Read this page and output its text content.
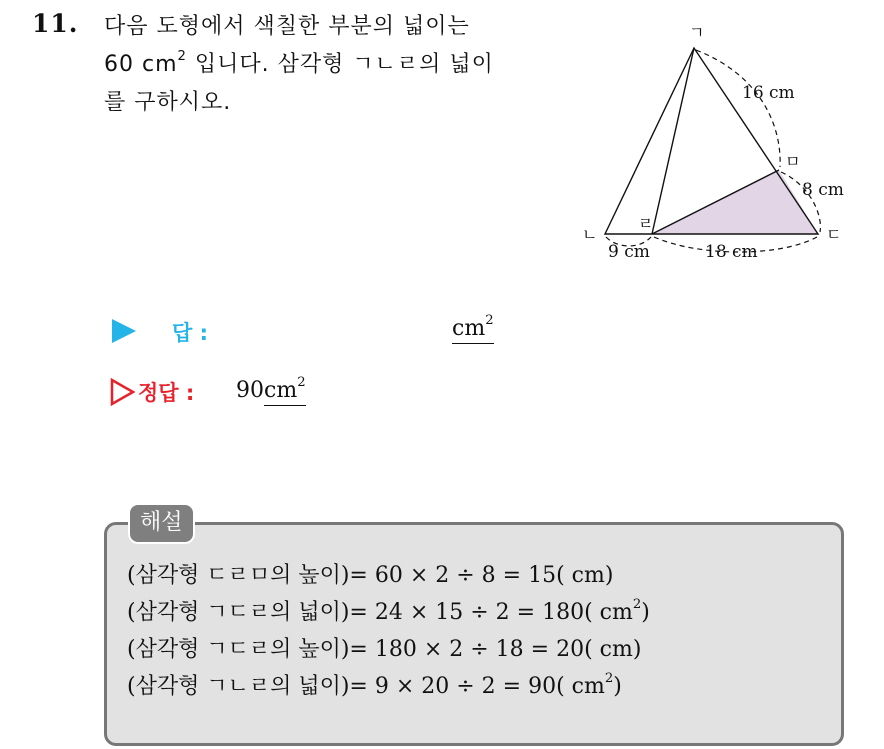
11. 다음 도형에서 색칠한 부분의 넓이는
60 $cm^2$ 입니다. 삼각형 ㄱㄴㄹ의 넓이
를 구하시오.
ㄱ
ㄴ	ㄷ
ㄹ
ㅁ
16 cm
8 cm
9 cm	18 cm
답 :	$cm^2$
정답 : 90 $cm^2$
해설
(삼각형 ㄷㄹㅁ의 높이)= 60 × 2 ÷ 8 = 15( cm)
(삼각형 ㄱㄷㄹ의 넓이)= 24 × 15 ÷ 2 = 180( $cm^2$)
(삼각형 ㄱㄷㄹ의 높이)= 180 × 2 ÷ 18 = 20( cm)
(삼각형 ㄱㄴㄹ의 넓이)= 9 × 20 ÷ 2 = 90( $cm^2$)
